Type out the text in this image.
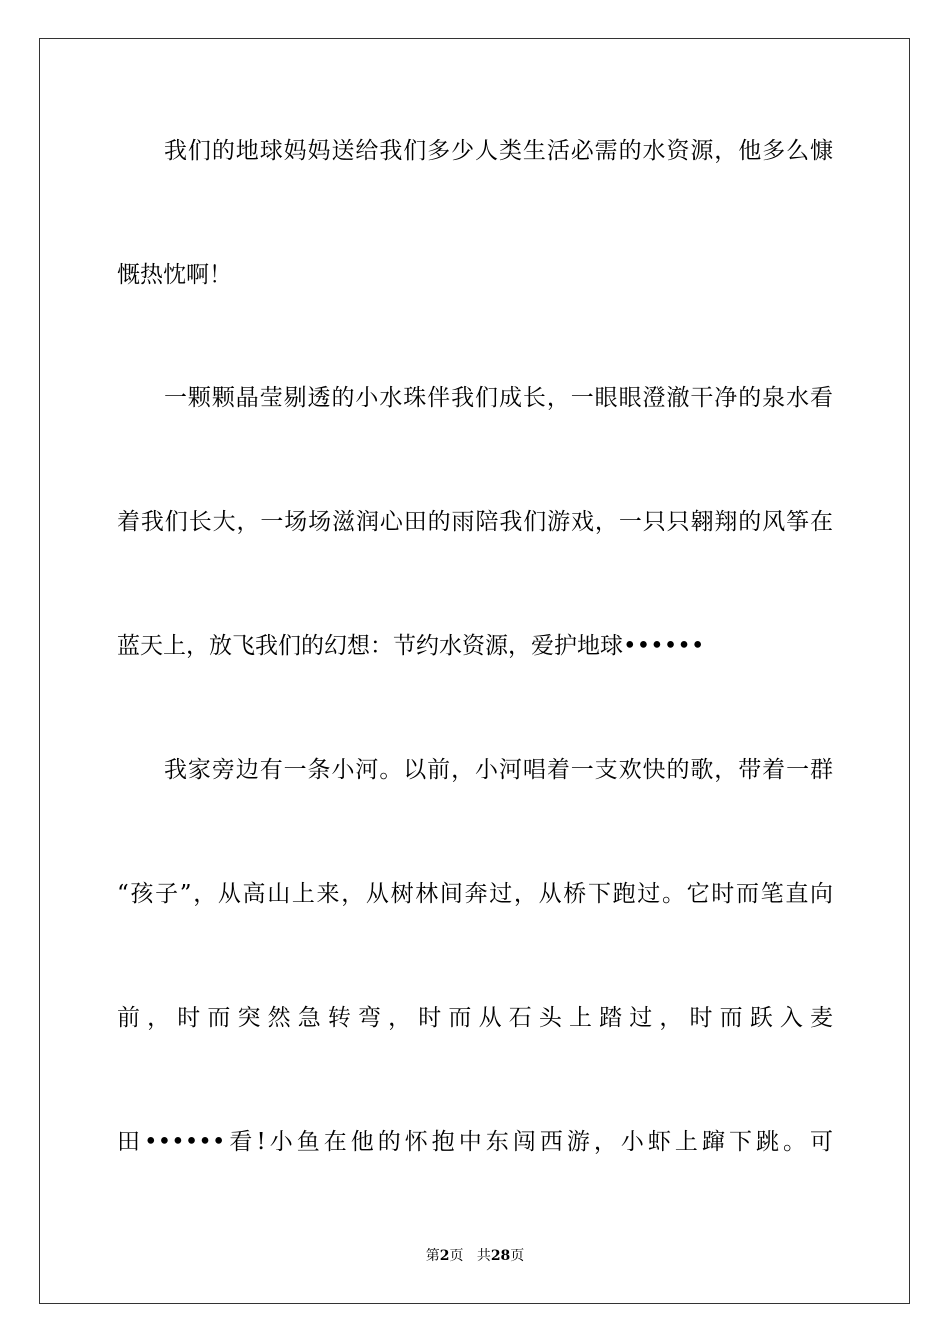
我们的地球妈妈送给我们多少人类生活必需的水资源，他多么慷
慨热忱啊！
一颗颗晶莹剔透的小水珠伴我们成长，一眼眼澄澈干净的泉水看
着我们长大，一场场滋润心田的雨陪我们游戏，一只只翱翔的风筝在
蓝天上，放飞我们的幻想：节约水资源，爱护地球••••••
我家旁边有一条小河。以前，小河唱着一支欢快的歌，带着一群
“孩子”，从高山上来，从树林间奔过，从桥下跑过。它时而笔直向
前，时而突然急转弯，时而从石头上踏过，时而跃入麦
田••••••看!小鱼在他的怀抱中东闯西游，小虾上蹿下跳。可
第2页 共28页
